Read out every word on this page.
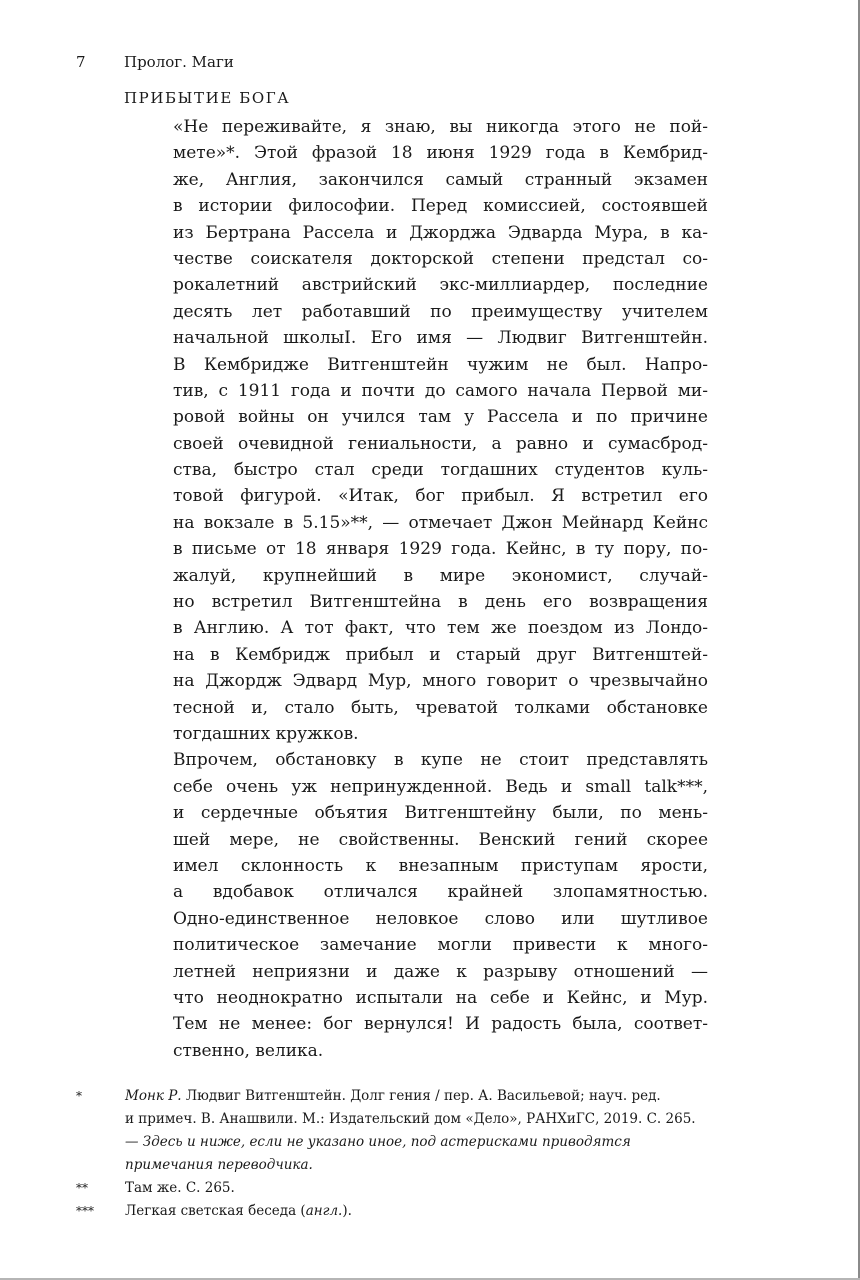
7	Пролог. Маги
ПРИБЫТИЕ БОГА
«Не переживайте, я знаю, вы никогда этого не пой-
мете»*. Этой фразой 18 июня 1929 года в Кембрид-
же, Англия, закончился самый странный экзамен
в истории философии. Перед комиссией, состоявшей
из Бертрана Рассела и Джорджа Эдварда Мура, в ка-
честве соискателя докторской степени предстал со-
рокалетний австрийский экс-миллиардер, последние
десять лет работавший по преимуществу учителем
начальной школыI. Его имя — Людвиг Витгенштейн.
В Кембридже Витгенштейн чужим не был. Напро-
тив, с 1911 года и почти до самого начала Первой ми-
ровой войны он учился там у Рассела и по причине
своей очевидной гениальности, а равно и сумасброд-
ства, быстро стал среди тогдашних студентов куль-
товой фигурой. «Итак, бог прибыл. Я встретил его
на вокзале в 5.15»**, — отмечает Джон Мейнард Кейнс
в письме от 18 января 1929 года. Кейнс, в ту пору, по-
жалуй, крупнейший в мире экономист, случай-
но встретил Витгенштейна в день его возвращения
в Англию. А тот факт, что тем же поездом из Лондо-
на в Кембридж прибыл и старый друг Витгенштей-
на Джордж Эдвард Мур, много говорит о чрезвычайно
тесной и, стало быть, чреватой толками обстановке
тогдашних кружков.
Впрочем, обстановку в купе не стоит представлять
себе очень уж непринужденной. Ведь и small talk***,
и сердечные объятия Витгенштейну были, по мень-
шей мере, не свойственны. Венский гений скорее
имел склонность к внезапным приступам ярости,
а вдобавок отличался крайней злопамятностью.
Одно-единственное неловкое слово или шутливое
политическое замечание могли привести к много-
летней неприязни и даже к разрыву отношений —
что неоднократно испытали на себе и Кейнс, и Мур.
Тем не менее: бог вернулся! И радость была, соответ-
ственно, велика.
*	Монк Р. Людвиг Витгенштейн. Долг гения / пер. А. Васильевой; науч. ред.
и примеч. В. Анашвили. М.: Издательский дом «Дело», РАНХиГС, 2019. С. 265.
— Здесь и ниже, если не указано иное, под астерисками приводятся
примечания переводчика.
**	Там же. С. 265.
*** Легкая светская беседа (англ.).
